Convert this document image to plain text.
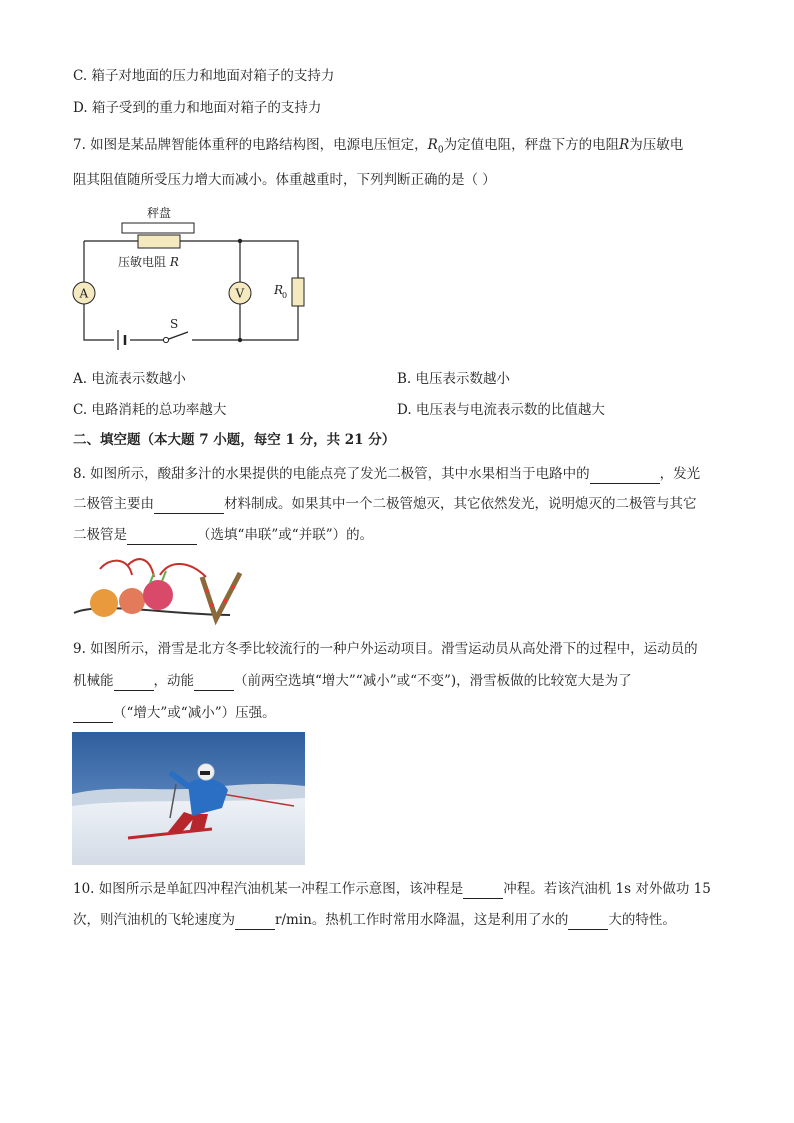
C. 箱子对地面的压力和地面对箱子的支持力
D. 箱子受到的重力和地面对箱子的支持力
7. 如图是某品牌智能体重秤的电路结构图，电源电压恒定，$R_0$为定值电阻，秤盘下方的电阻R为压敏电
阻其阻值随所受压力增大而减小。体重越重时，下列判断正确的是（ ）
秤盘
压敏电阻 R
A	V R
0
S
A. 电流表示数越小	B. 电压表示数越小
C. 电路消耗的总功率越大	D. 电压表与电流表示数的比值越大
二、填空题（本大题 7 小题，每空 1 分，共 21 分）
8. 如图所示，酸甜多汁的水果提供的电能点亮了发光二极管，其中水果相当于电路中的	，发光
二极管主要由	材料制成。如果其中一个二极管熄灭，其它依然发光，说明熄灭的二极管与其它
二极管是	（选填“串联”或“并联”）的。
9. 如图所示，滑雪是北方冬季比较流行的一种户外运动项目。滑雪运动员从高处滑下的过程中，运动员的
机械能	，动能	（前两空选填“增大”“减小”或“不变”)，滑雪板做的比较宽大是为了
（“增大”或“减小”）压强。
10. 如图所示是单缸四冲程汽油机某一冲程工作示意图，该冲程是	冲程。若该汽油机 1s 对外做功 15
次，则汽油机的飞轮速度为	r/min。热机工作时常用水降温，这是利用了水的	大的特性。
